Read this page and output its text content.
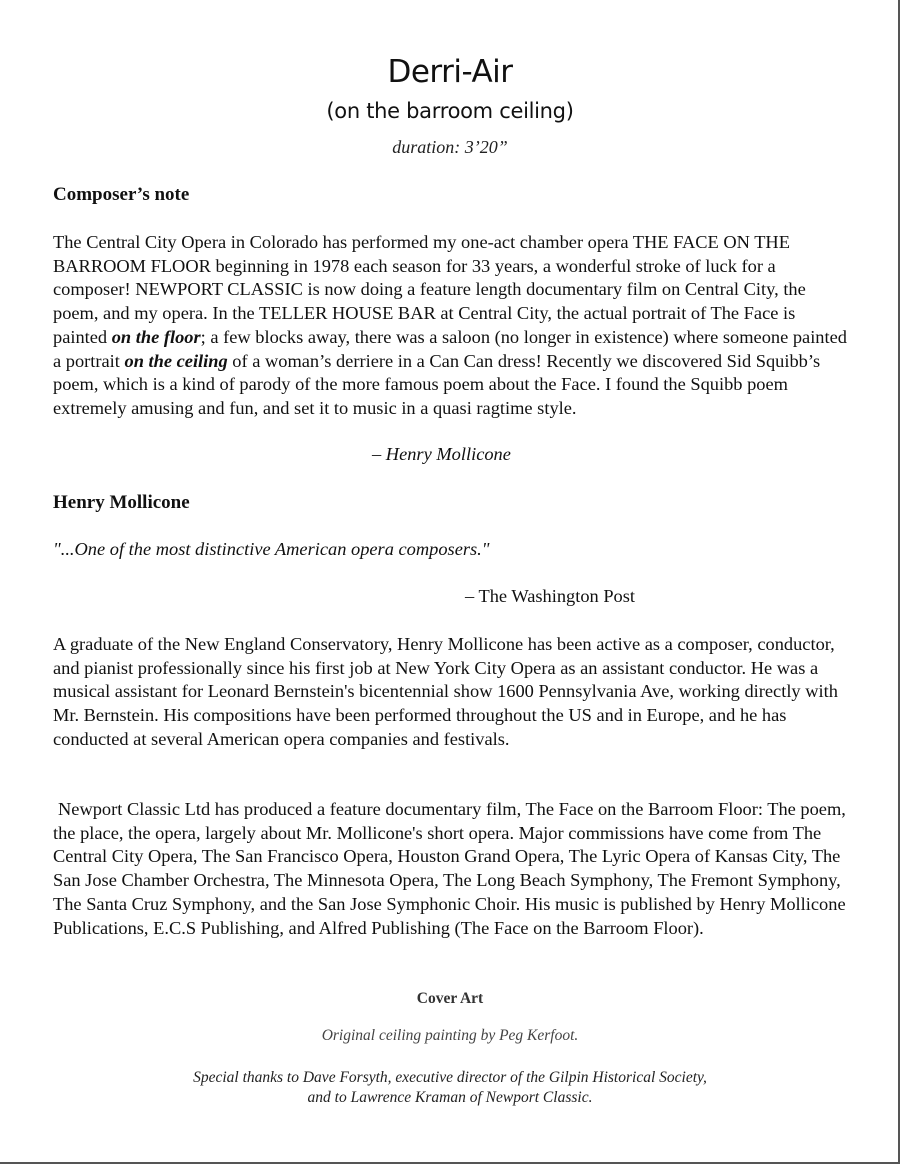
Derri-Air
(on the barroom ceiling)
duration: 3’20”
Composer’s note

The Central City Opera in Colorado has performed my one-act chamber opera THE FACE ON THE BARROOM FLOOR beginning in 1978 each season for 33 years, a wonderful stroke of luck for a composer! NEWPORT CLASSIC is now doing a feature length documentary film on Central City, the poem, and my opera. In the TELLER HOUSE BAR at Central City, the actual portrait of The Face is painted on the floor; a few blocks away, there was a saloon (no longer in existence) where someone painted a portrait on the ceiling of a woman’s derriere in a Can Can dress! Recently we discovered Sid Squibb’s poem, which is a kind of parody of the more famous poem about the Face. I found the Squibb poem extremely amusing and fun, and set it to music in a quasi ragtime style.

– Henry Mollicone
Henry Mollicone
"...One of the most distinctive American opera composers."
– The Washington Post

A graduate of the New England Conservatory, Henry Mollicone has been active as a composer, conductor, and pianist professionally since his first job at New York City Opera as an assistant conductor. He was a musical assistant for Leonard Bernstein's bicentennial show 1600 Pennsylvania Ave, working directly with Mr. Bernstein. His compositions have been performed throughout the US and in Europe, and he has conducted at several American opera companies and festivals.

Newport Classic Ltd has produced a feature documentary film, The Face on the Barroom Floor: The poem, the place, the opera, largely about Mr. Mollicone's short opera. Major commissions have come from The Central City Opera, The San Francisco Opera, Houston Grand Opera, The Lyric Opera of Kansas City, The San Jose Chamber Orchestra, The Minnesota Opera, The Long Beach Symphony, The Fremont Symphony, The Santa Cruz Symphony, and the San Jose Symphonic Choir. His music is published by Henry Mollicone Publications, E.C.S Publishing, and Alfred Publishing (The Face on the Barroom Floor).

Cover Art
Original ceiling painting by Peg Kerfoot.
Special thanks to Dave Forsyth, executive director of the Gilpin Historical Society,
and to Lawrence Kraman of Newport Classic.
